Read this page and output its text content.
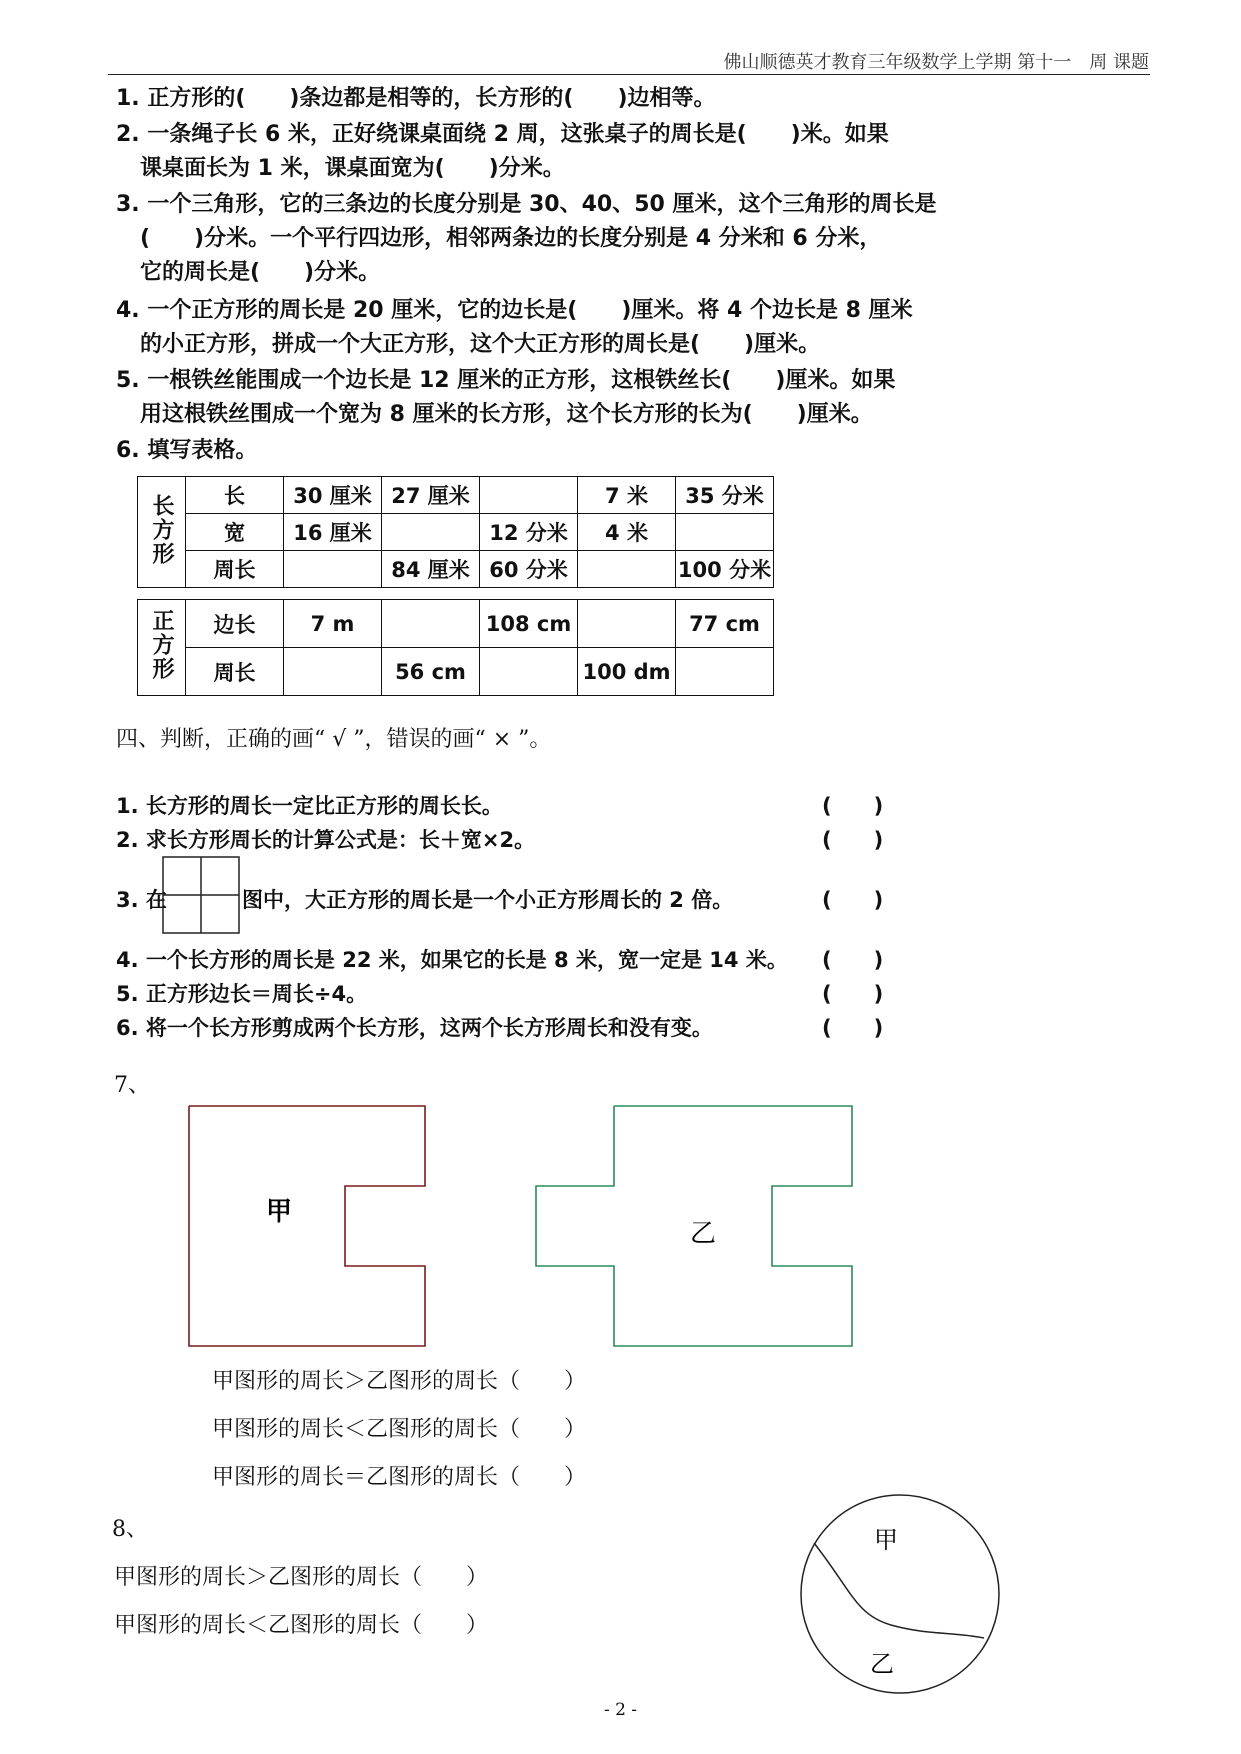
佛山顺德英才教育三年级数学上学期 第十一　周 课题
1. 正方形的(　　)条边都是相等的，长方形的(　　)边相等。
2. 一条绳子长 6 米，正好绕课桌面绕 2 周，这张桌子的周长是(　　)米。如果
课桌面长为 1 米，课桌面宽为(　　)分米。
3. 一个三角形，它的三条边的长度分别是 30、40、50 厘米，这个三角形的周长是
(　　)分米。一个平行四边形，相邻两条边的长度分别是 4 分米和 6 分米，
它的周长是(　　)分米。
4. 一个正方形的周长是 20 厘米，它的边长是(　　)厘米。将 4 个边长是 8 厘米
的小正方形，拼成一个大正方形，这个大正方形的周长是(　　)厘米。
5. 一根铁丝能围成一个边长是 12 厘米的正方形，这根铁丝长(　　)厘米。如果
用这根铁丝围成一个宽为 8 厘米的长方形，这个长方形的长为(　　)厘米。
6. 填写表格。
长方形	长	30 厘米	27 厘米		7 米	35 分米
	宽	16 厘米		12 分米	4 米	
	周长		84 厘米	60 分米		100 分米
正方形	边长	7 m		108 cm		77 cm
	周长		56 cm		100 dm	
四、判断，正确的画“ √ ”，错误的画“ × ”。
1. 长方形的周长一定比正方形的周长长。	(　　)
2. 求长方形周长的计算公式是：长＋宽×2。	(　　)
3. 在	图中，大正方形的周长是一个小正方形周长的 2 倍。	(　　)
4. 一个长方形的周长是 22 米，如果它的长是 8 米，宽一定是 14 米。 (　　)
5. 正方形边长＝周长÷4。	(　　)
6. 将一个长方形剪成两个长方形，这两个长方形周长和没有变。	(　　)
7、
甲
乙
甲图形的周长＞乙图形的周长（　　）
甲图形的周长＜乙图形的周长（　　）
甲图形的周长＝乙图形的周长（　　）
8、
甲图形的周长＞乙图形的周长（　　）
甲图形的周长＜乙图形的周长（　　）
甲
乙
- 2 -
